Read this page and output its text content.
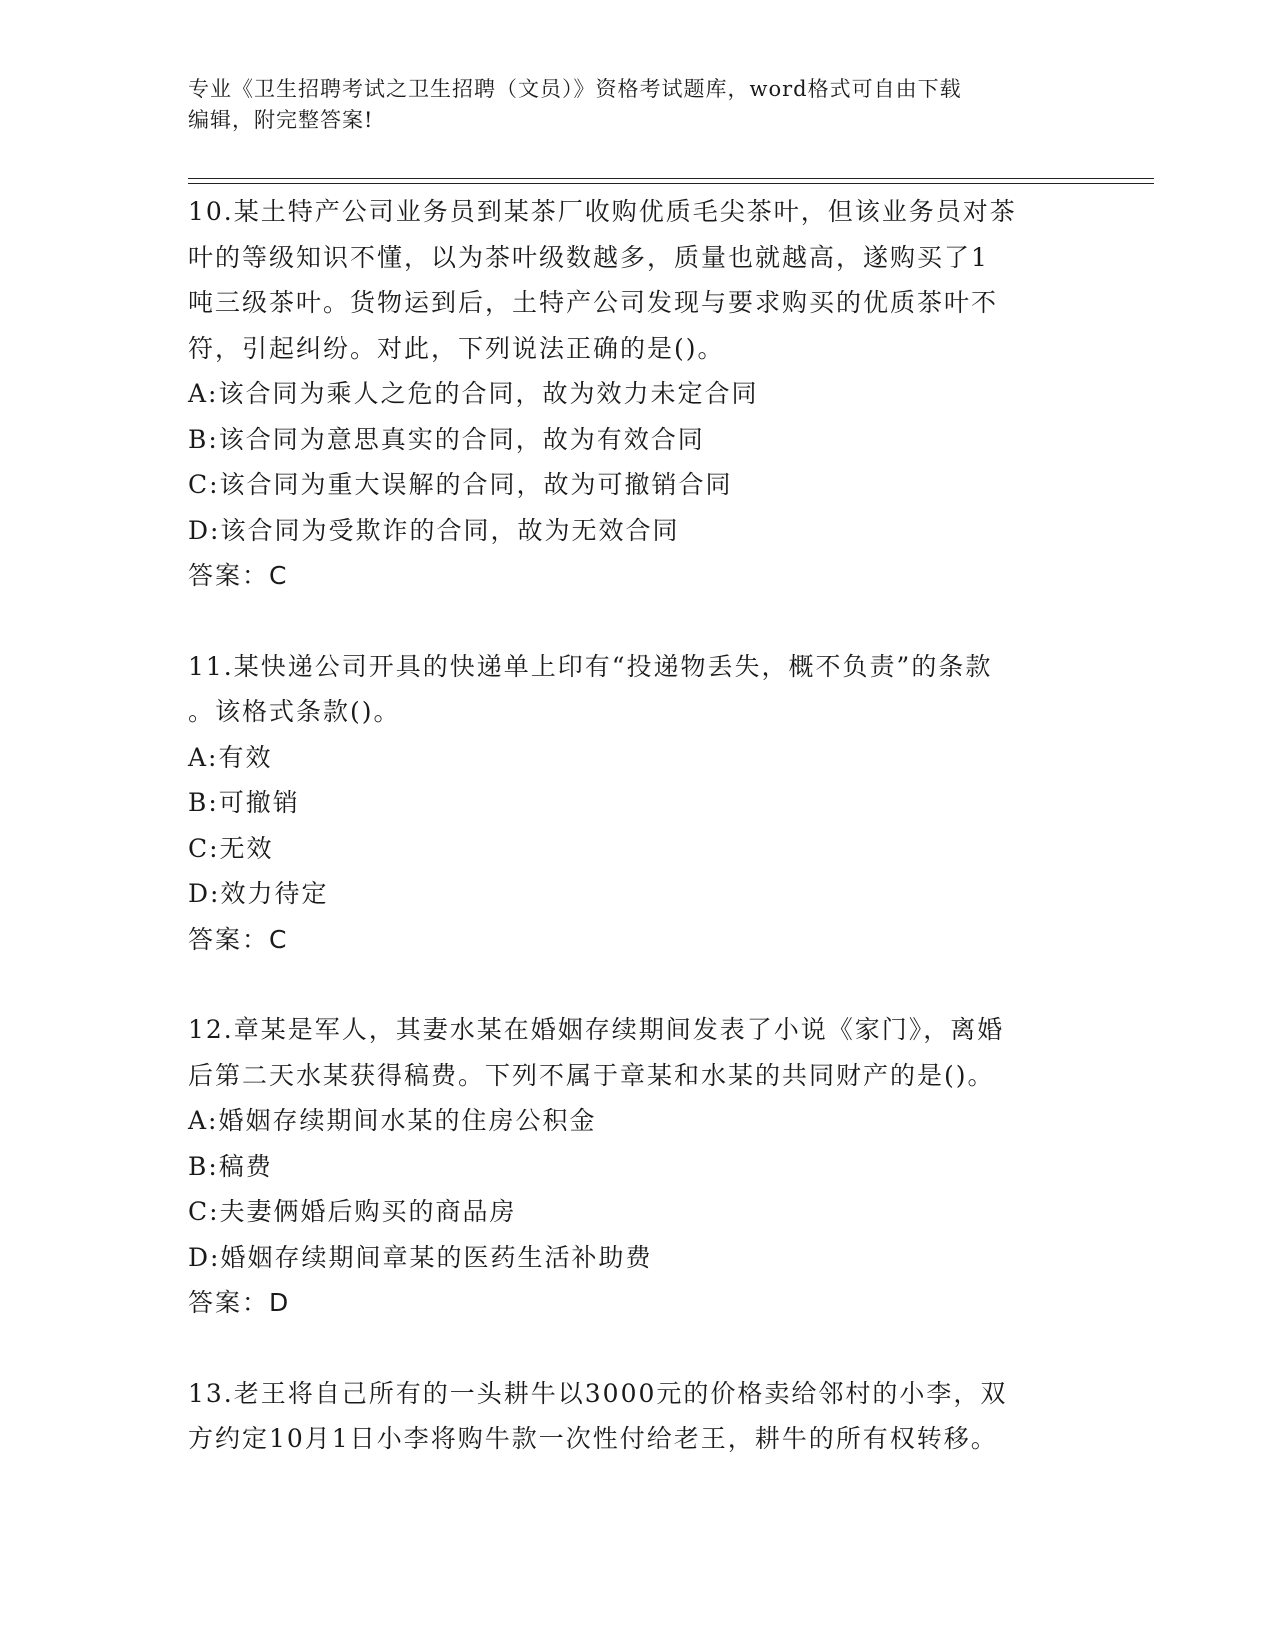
专业《卫生招聘考试之卫生招聘（文员）》资格考试题库，word格式可自由下载
编辑，附完整答案!
10.某土特产公司业务员到某茶厂收购优质毛尖茶叶，但该业务员对茶
叶的等级知识不懂，以为茶叶级数越多，质量也就越高，遂购买了1
吨三级茶叶。货物运到后，土特产公司发现与要求购买的优质茶叶不
符，引起纠纷。对此，下列说法正确的是()。
A:该合同为乘人之危的合同，故为效力未定合同
B:该合同为意思真实的合同，故为有效合同
C:该合同为重大误解的合同，故为可撤销合同
D:该合同为受欺诈的合同，故为无效合同
答案：C
11.某快递公司开具的快递单上印有“投递物丢失，概不负责”的条款
。该格式条款()。
A:有效
B:可撤销
C:无效
D:效力待定
答案：C
12.章某是军人，其妻水某在婚姻存续期间发表了小说《家门》，离婚
后第二天水某获得稿费。下列不属于章某和水某的共同财产的是()。
A:婚姻存续期间水某的住房公积金
B:稿费
C:夫妻俩婚后购买的商品房
D:婚姻存续期间章某的医药生活补助费
答案：D
13.老王将自己所有的一头耕牛以3000元的价格卖给邻村的小李，双
方约定10月1日小李将购牛款一次性付给老王，耕牛的所有权转移。
